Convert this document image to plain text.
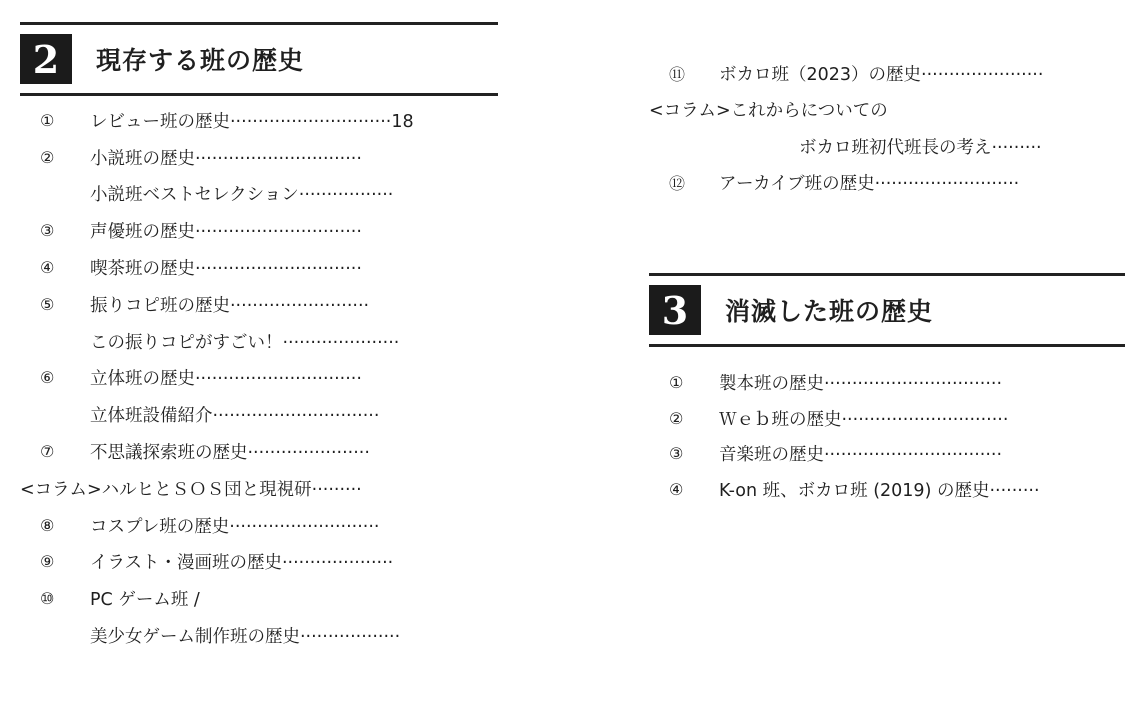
2	現存する班の歴史
①	レビュー班の歴史·····························18
②	小説班の歴史······························
小説班ベストセレクション·················
③	声優班の歴史······························
④	喫茶班の歴史······························
⑤	振りコピ班の歴史·························
この振りコピがすごい！·····················
⑥	立体班の歴史······························
立体班設備紹介······························
⑦	不思議探索班の歴史······················
<コラム>ハルヒとＳＯＳ団と現視研·········
⑧	コスプレ班の歴史···························
⑨	イラスト・漫画班の歴史····················
⑩	PC ゲーム班 /
美少女ゲーム制作班の歴史··················
⑪	ボカロ班（2023）の歴史······················
<コラム>これからについての
ボカロ班初代班長の考え·········
⑫	アーカイブ班の歴史··························
3	消滅した班の歴史
①	製本班の歴史································
②	Ｗｅｂ班の歴史······························
③	音楽班の歴史································
④	K-on 班、ボカロ班 (2019) の歴史·········
